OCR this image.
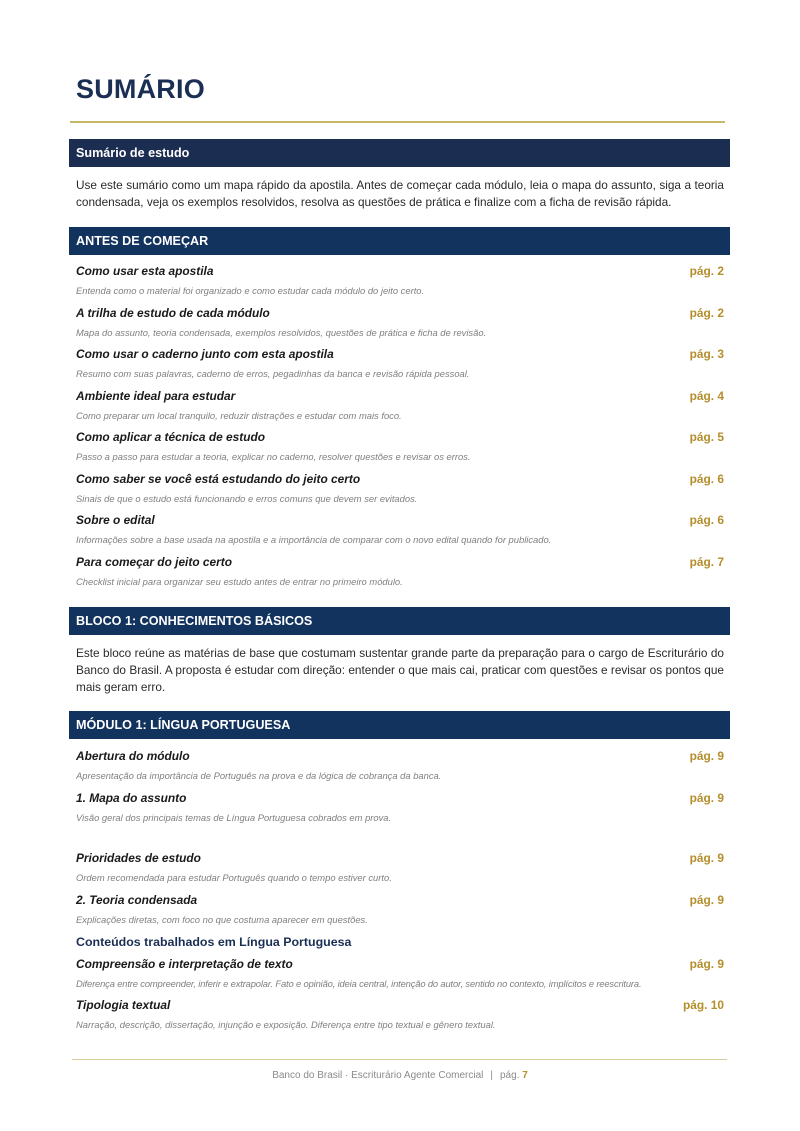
SUMÁRIO
Sumário de estudo

Use este sumário como um mapa rápido da apostila. Antes de começar cada módulo, leia o mapa do assunto, siga a teoria condensada, veja os exemplos resolvidos, resolva as questões de prática e finalize com a ficha de revisão rápida.

ANTES DE COMEÇAR
Como usar esta apostila	pág. 2
Entenda como o material foi organizado e como estudar cada módulo do jeito certo.
A trilha de estudo de cada módulo	pág. 2
Mapa do assunto, teoria condensada, exemplos resolvidos, questões de prática e ficha de revisão.
Como usar o caderno junto com esta apostila	pág. 3
Resumo com suas palavras, caderno de erros, pegadinhas da banca e revisão rápida pessoal.
Ambiente ideal para estudar	pág. 4
Como preparar um local tranquilo, reduzir distrações e estudar com mais foco.
Como aplicar a técnica de estudo	pág. 5
Passo a passo para estudar a teoria, explicar no caderno, resolver questões e revisar os erros.
Como saber se você está estudando do jeito certo	pág. 6
Sinais de que o estudo está funcionando e erros comuns que devem ser evitados.
Sobre o edital	pág. 6
Informações sobre a base usada na apostila e a importância de comparar com o novo edital quando for publicado.
Para começar do jeito certo	pág. 7
Checklist inicial para organizar seu estudo antes de entrar no primeiro módulo.
BLOCO 1: CONHECIMENTOS BÁSICOS

Este bloco reúne as matérias de base que costumam sustentar grande parte da preparação para o cargo de Escriturário do Banco do Brasil. A proposta é estudar com direção: entender o que mais cai, praticar com questões e revisar os pontos que mais geram erro.

MÓDULO 1: LÍNGUA PORTUGUESA
Abertura do módulo	pág. 9
Apresentação da importância de Português na prova e da lógica de cobrança da banca.
1. Mapa do assunto	pág. 9
Visão geral dos principais temas de Língua Portuguesa cobrados em prova.
Prioridades de estudo	pág. 9
Ordem recomendada para estudar Português quando o tempo estiver curto.
2. Teoria condensada	pág. 9
Explicações diretas, com foco no que costuma aparecer em questões.
Conteúdos trabalhados em Língua Portuguesa
Compreensão e interpretação de texto	pág. 9
Diferença entre compreender, inferir e extrapolar. Fato e opinião, ideia central, intenção do autor, sentido no contexto, implícitos e reescritura.
Tipologia textual	pág. 10
Narração, descrição, dissertação, injunção e exposição. Diferença entre tipo textual e gênero textual.
Banco do Brasil · Escriturário Agente Comercial | pág. 7
